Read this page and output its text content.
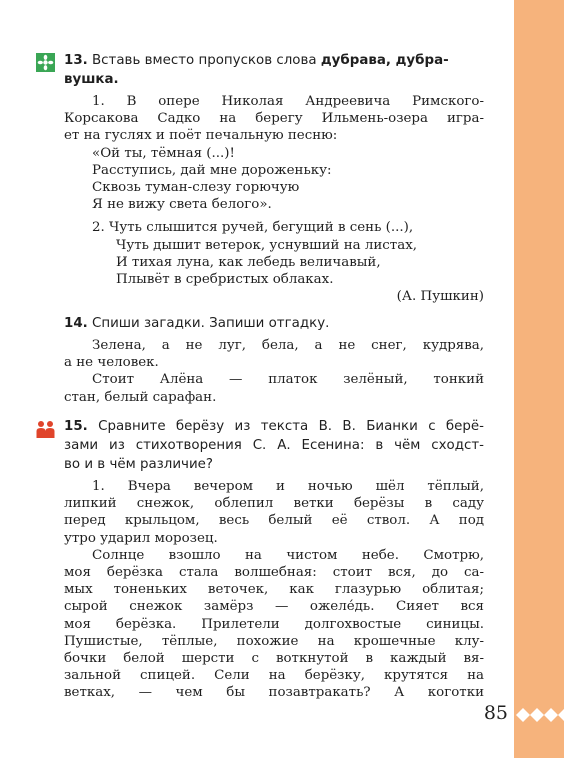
85
13. Вставь вместо пропусков слова дубрава, дубра-
вушка.
1. В опере Николая Андреевича Римского-
Корсакова Садко на берегу Ильмень-озера игра-
ет на гуслях и поёт печальную песню:
«Ой ты, тёмная (...)!
Расступись, дай мне дороженьку:
Сквозь туман-слезу горючую
Я не вижу света белого».
2. Чуть слышится ручей, бегущий в сень (...),
Чуть дышит ветерок, уснувший на листах,
И тихая луна, как лебедь величавый,
Плывёт в сребристых облаках.
(А. Пушкин)
14. Спиши загадки. Запиши отгадку.
Зелена, а не луг, бела, а не снег, кудрява,
а не человек.
Стоит Алёна — платок зелёный, тонкий
стан, белый сарафан.
15. Сравните берёзу из текста В. В. Бианки с берё-
зами из стихотворения С. А. Есенина: в чём сходст-
во и в чём различие?
1. Вчера вечером и ночью шёл тёплый,
липкий снежок, облепил ветки берёзы в саду
перед крыльцом, весь белый её ствол. А под
утро ударил морозец.
Солнце взошло на чистом небе. Смотрю,
моя берёзка стала волшебная: стоит вся, до са-
мых тоненьких веточек, как глазурью облитая;
сырой снежок замёрз — ожеле́дь. Сияет вся
моя берёзка. Прилетели долгохвостые синицы.
Пушистые, тёплые, похожие на крошечные клу-
бочки белой шерсти с воткнутой в каждый вя-
зальной спицей. Сели на берёзку, крутятся на
ветках, — чем бы позавтракать? А коготки
